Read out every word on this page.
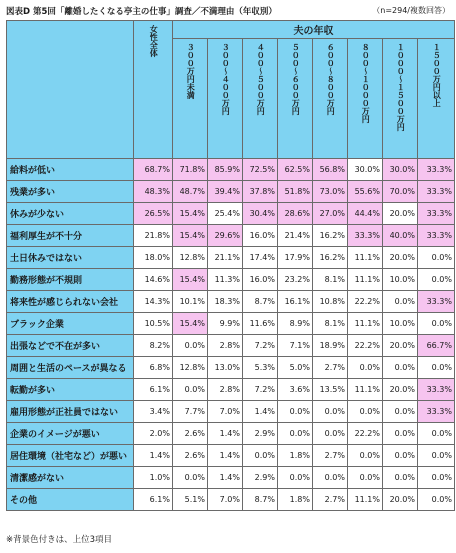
図表D 第5回「離婚したくなる亭主の仕事」調査／不満理由（年収別）	（n=294/複数回答）
	女性全体	夫の年収							
		３００万円未満	３００〜４００万円	４００〜５００万円	５００〜６００万円	６００〜８００万円	８００〜１０００万円	１０００〜１５００万円	１５００万円以上
給料が低い	68.7%	71.8%	85.9%	72.5%	62.5%	56.8%	30.0%	30.0%	33.3%
残業が多い	48.3%	48.7%	39.4%	37.8%	51.8%	73.0%	55.6%	70.0%	33.3%
休みが少ない	26.5%	15.4%	25.4%	30.4%	28.6%	27.0%	44.4%	20.0%	33.3%
福利厚生が不十分	21.8%	15.4%	29.6%	16.0%	21.4%	16.2%	33.3%	40.0%	33.3%
土日休みではない	18.0%	12.8%	21.1%	17.4%	17.9%	16.2%	11.1%	20.0%	0.0%
勤務形態が不規則	14.6%	15.4%	11.3%	16.0%	23.2%	8.1%	11.1%	10.0%	0.0%
将来性が感じられない会社	14.3%	10.1%	18.3%	8.7%	16.1%	10.8%	22.2%	0.0%	33.3%
ブラック企業	10.5%	15.4%	9.9%	11.6%	8.9%	8.1%	11.1%	10.0%	0.0%
出張などで不在が多い	8.2%	0.0%	2.8%	7.2%	7.1%	18.9%	22.2%	20.0%	66.7%
周囲と生活のペースが異なる	6.8%	12.8%	13.0%	5.3%	5.0%	2.7%	0.0%	0.0%	0.0%
転勤が多い	6.1%	0.0%	2.8%	7.2%	3.6%	13.5%	11.1%	20.0%	33.3%
雇用形態が正社員ではない	3.4%	7.7%	7.0%	1.4%	0.0%	0.0%	0.0%	0.0%	33.3%
企業のイメージが悪い	2.0%	2.6%	1.4%	2.9%	0.0%	0.0%	22.2%	0.0%	0.0%
居住環境（社宅など）が悪い	1.4%	2.6%	1.4%	0.0%	1.8%	2.7%	0.0%	0.0%	0.0%
清潔感がない	1.0%	0.0%	1.4%	2.9%	0.0%	0.0%	0.0%	0.0%	0.0%
その他	6.1%	5.1%	7.0%	8.7%	1.8%	2.7%	11.1%	20.0%	0.0%
※背景色付きは、上位3項目
